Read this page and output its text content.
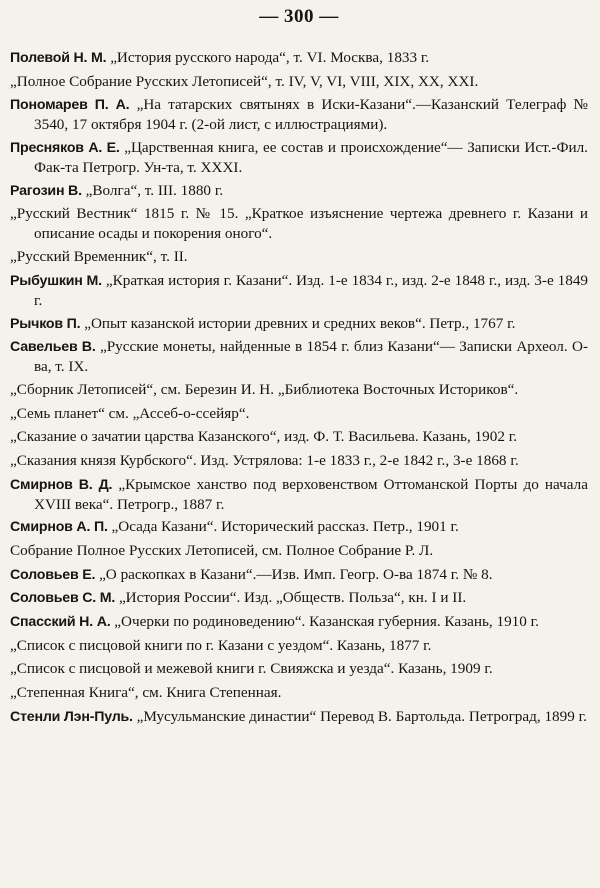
— 300 —

Полевой Н. М. „История русского народа“, т. VI. Москва, 1833 г.

„Полное Собрание Русских Летописей“, т. IV, V, VI, VIII, XIX, XX, XXI.

Пономарев П. А. „На татарских святынях в Иски-Казани“.—Казанский Телеграф № 3540, 17 октября 1904 г. (2-ой лист, с иллюстрациями).

Пресняков А. Е. „Царственная книга, ее состав и происхождение“— Записки Ист.-Фил. Фак-та Петрогр. Ун-та, т. XXXI.

Рагозин В. „Волга“, т. III. 1880 г.

„Русский Вестник“ 1815 г. № 15. „Краткое изъяснение чертежа древнего г. Казани и описание осады и покорения оного“.

„Русский Временник“, т. II.

Рыбушкин М. „Краткая история г. Казани“. Изд. 1-е 1834 г., изд. 2-е 1848 г., изд. 3-е 1849 г.

Рычков П. „Опыт казанской истории древних и средних веков“. Петр., 1767 г.

Савельев В. „Русские монеты, найденные в 1854 г. близ Казани“— Записки Археол. О-ва, т. IX.

„Сборник Летописей“, см. Березин И. Н. „Библиотека Восточных Историков“.

„Семь планет“ см. „Ассеб-о-ссейяр“.

„Сказание о зачатии царства Казанского“, изд. Ф. Т. Васильева. Казань, 1902 г.

„Сказания князя Курбского“. Изд. Устрялова: 1-е 1833 г., 2-е 1842 г., 3-е 1868 г.

Смирнов В. Д. „Крымское ханство под верховенством Оттоманской Порты до начала XVIII века“. Петрогр., 1887 г.

Смирнов А. П. „Осада Казани“. Исторический рассказ. Петр., 1901 г.

Собрание Полное Русских Летописей, см. Полное Собрание Р. Л.

Соловьев Е. „О раскопках в Казани“.—Изв. Имп. Геогр. О-ва 1874 г. № 8.

Соловьев С. М. „История России“. Изд. „Обществ. Польза“, кн. I и II.

Спасский Н. А. „Очерки по родиноведению“. Казанская губерния. Казань, 1910 г.

„Список с писцовой книги по г. Казани с уездом“. Казань, 1877 г.

„Список с писцовой и межевой книги г. Свияжска и уезда“. Казань, 1909 г.

„Степенная Книга“, см. Книга Степенная.

Стенли Лэн-Пуль. „Мусульманские династии“ Перевод В. Бартольда. Петроград, 1899 г.
